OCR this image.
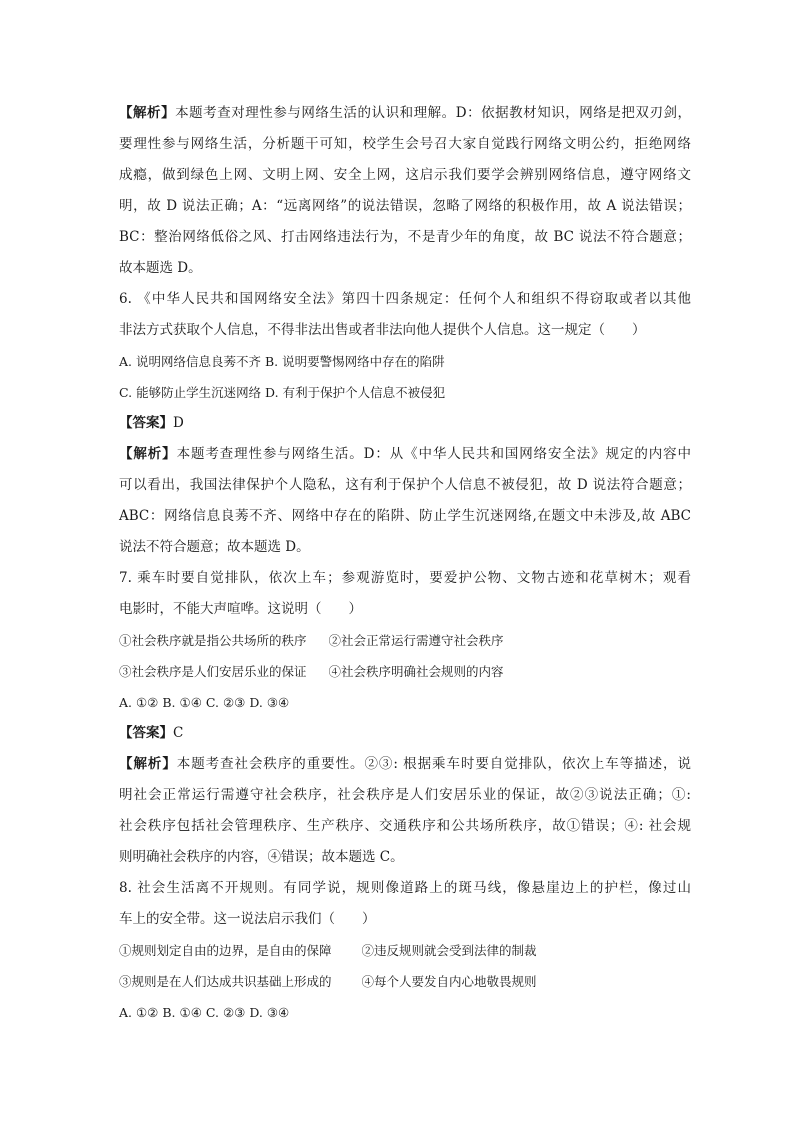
【解析】本题考查对理性参与网络生活的认识和理解。D：依据教材知识，网络是把双刃剑，
要理性参与网络生活，分析题干可知，校学生会号召大家自觉践行网络文明公约，拒绝网络
成瘾，做到绿色上网、文明上网、安全上网，这启示我们要学会辨别网络信息，遵守网络文
明，故 D 说法正确；A：“远离网络”的说法错误，忽略了网络的积极作用，故 A 说法错误；
BC：整治网络低俗之风、打击网络违法行为，不是青少年的角度，故 BC 说法不符合题意；
故本题选 D。
6. 《中华人民共和国网络安全法》第四十四条规定：任何个人和组织不得窃取或者以其他
非法方式获取个人信息，不得非法出售或者非法向他人提供个人信息。这一规定（　　）
A. 说明网络信息良莠不齐 B. 说明要警惕网络中存在的陷阱
C. 能够防止学生沉迷网络 D. 有利于保护个人信息不被侵犯
【答案】D
【解析】本题考查理性参与网络生活。D：从《中华人民共和国网络安全法》规定的内容中
可以看出，我国法律保护个人隐私，这有利于保护个人信息不被侵犯，故 D 说法符合题意；
ABC：网络信息良莠不齐、网络中存在的陷阱、防止学生沉迷网络,在题文中未涉及,故 ABC
说法不符合题意；故本题选 D。
7. 乘车时要自觉排队，依次上车；参观游览时，要爱护公物、文物古迹和花草树木；观看
电影时，不能大声喧哗。这说明（　　）
①社会秩序就是指公共场所的秩序 ②社会正常运行需遵守社会秩序
③社会秩序是人们安居乐业的保证 ④社会秩序明确社会规则的内容
A. ①② B. ①④ C. ②③ D. ③④
【答案】C
【解析】本题考查社会秩序的重要性。②③: 根据乘车时要自觉排队，依次上车等描述，说
明社会正常运行需遵守社会秩序，社会秩序是人们安居乐业的保证，故②③说法正确；①:
社会秩序包括社会管理秩序、生产秩序、交通秩序和公共场所秩序，故①错误；④: 社会规
则明确社会秩序的内容，④错误；故本题选 C。
8. 社会生活离不开规则。有同学说，规则像道路上的斑马线，像悬崖边上的护栏，像过山
车上的安全带。这一说法启示我们（　　）
①规则划定自由的边界，是自由的保障 ②违反规则就会受到法律的制裁
③规则是在人们达成共识基础上形成的 ④每个人要发自内心地敬畏规则
A. ①② B. ①④ C. ②③ D. ③④
